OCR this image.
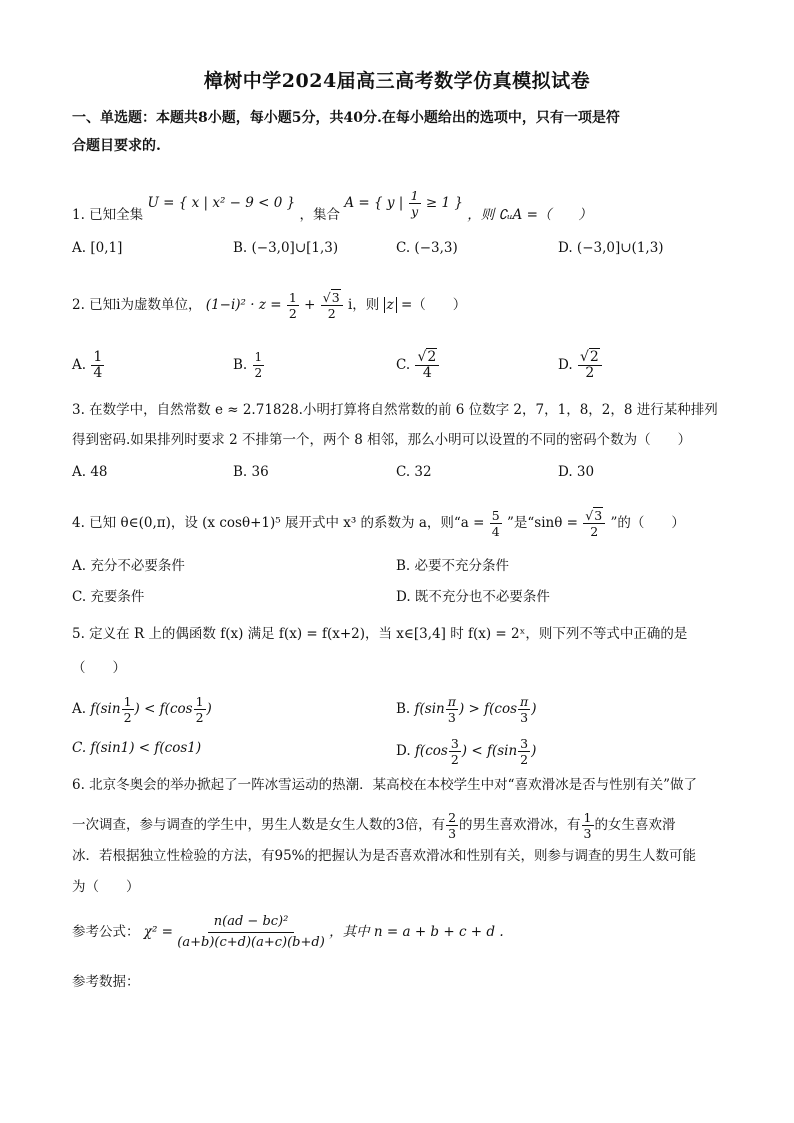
樟树中学2024届高三高考数学仿真模拟试卷
一、单选题：本题共8小题，每小题5分，共40分.在每小题给出的选项中，只有一项是符
合题目要求的.
1. 已知全集 U = { x | x² − 9 < 0 } ，集合 A = { y | $\frac{1}{y} \ge 1$ } ，则 ∁ᵤA =（　　）
A. [0,1]	B. (−3,0]∪[1,3)	C. (−3,3)	D. (−3,0]∪(1,3)
2. 已知i为虚数单位， $(1-i)^2 \cdot z = \frac{1}{2} + \frac{√3}{2}$ i，则 z =（　　）
A. $\frac{1}{4}$	B. $\frac{1}{2}$	C. $\frac{√2}{4}$	D. $\frac{√2}{2}$
3. 在数学中，自然常数 e ≈ 2.71828.小明打算将自然常数的前 6 位数字 2，7，1，8，2，8 进行某种排列
得到密码.如果排列时要求 2 不排第一个，两个 8 相邻，那么小明可以设置的不同的密码个数为（　　）
A. 48	B. 36	C. 32	D. 30
4. 已知 θ∈(0,π)，设 (x cosθ+1)⁵ 展开式中 x³ 的系数为 a，则“$a = \frac{5}{4}$ ”是“$\sin\theta = \frac{√3}{2}$ ”的（　　）
A. 充分不必要条件	B. 必要不充分条件
C. 充要条件	D. 既不充分也不必要条件
5. 定义在 R 上的偶函数 f(x) 满足 f(x) = f(x+2)，当 x∈[3,4] 时 f(x) = 2ˣ，则下列不等式中正确的是
（　　）
A. $f(\sin \frac{1}{2}$ ) < $f(\cos \frac{1}{2}$ )	B. $f(\sin \frac{\pi}{3}$ ) > $f(\cos \frac{\pi}{3}$ )
C. f(sin1) < f(cos1)	D. $f(\cos \frac{3}{2}$ ) < $f(\sin \frac{3}{2}$ )
6. 北京冬奥会的举办掀起了一阵冰雪运动的热潮．某高校在本校学生中对“喜欢滑冰是否与性别有关”做了
一次调查，参与调查的学生中，男生人数是女生人数的3倍，有 $\frac{2}{3}$ 的男生喜欢滑冰，有 $\frac{1}{3}$ 的女生喜欢滑
冰．若根据独立性检验的方法，有95%的把握认为是否喜欢滑冰和性别有关，则参与调查的男生人数可能
为（　　）
参考公式： $\chi^2 = \frac{\text{n(ad − bc)²}}{(a+b)(c+d)(a+c)(b+d)}$ ，其中 n = a + b + c + d .
参考数据：
